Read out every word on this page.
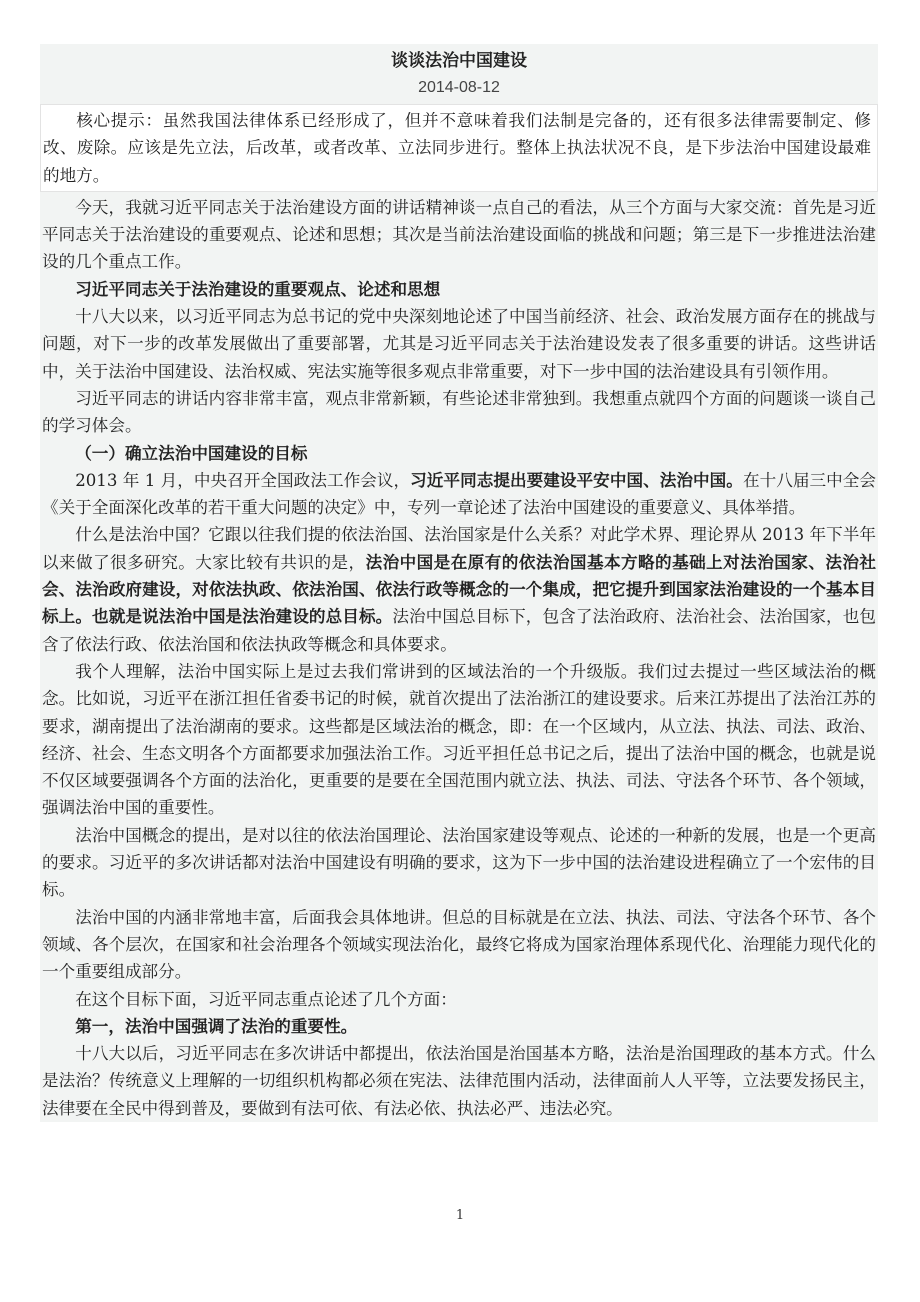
谈谈法治中国建设
2014-08-12

核心提示：虽然我国法律体系已经形成了，但并不意味着我们法制是完备的，还有很多法律需要制定、修改、废除。应该是先立法，后改革，或者改革、立法同步进行。整体上执法状况不良，是下步法治中国建设最难的地方。

今天，我就习近平同志关于法治建设方面的讲话精神谈一点自己的看法，从三个方面与大家交流：首先是习近平同志关于法治建设的重要观点、论述和思想；其次是当前法治建设面临的挑战和问题；第三是下一步推进法治建设的几个重点工作。

习近平同志关于法治建设的重要观点、论述和思想

十八大以来，以习近平同志为总书记的党中央深刻地论述了中国当前经济、社会、政治发展方面存在的挑战与问题，对下一步的改革发展做出了重要部署，尤其是习近平同志关于法治建设发表了很多重要的讲话。这些讲话中，关于法治中国建设、法治权威、宪法实施等很多观点非常重要，对下一步中国的法治建设具有引领作用。

习近平同志的讲话内容非常丰富，观点非常新颖，有些论述非常独到。我想重点就四个方面的问题谈一谈自己的学习体会。

（一）确立法治中国建设的目标

2013 年 1 月，中央召开全国政法工作会议，习近平同志提出要建设平安中国、法治中国。在十八届三中全会《关于全面深化改革的若干重大问题的决定》中，专列一章论述了法治中国建设的重要意义、具体举措。

什么是法治中国？它跟以往我们提的依法治国、法治国家是什么关系？对此学术界、理论界从 2013 年下半年以来做了很多研究。大家比较有共识的是，法治中国是在原有的依法治国基本方略的基础上对法治国家、法治社会、法治政府建设，对依法执政、依法治国、依法行政等概念的一个集成，把它提升到国家法治建设的一个基本目标上。也就是说法治中国是法治建设的总目标。法治中国总目标下，包含了法治政府、法治社会、法治国家，也包含了依法行政、依法治国和依法执政等概念和具体要求。

我个人理解，法治中国实际上是过去我们常讲到的区域法治的一个升级版。我们过去提过一些区域法治的概念。比如说，习近平在浙江担任省委书记的时候，就首次提出了法治浙江的建设要求。后来江苏提出了法治江苏的要求，湖南提出了法治湖南的要求。这些都是区域法治的概念，即：在一个区域内，从立法、执法、司法、政治、经济、社会、生态文明各个方面都要求加强法治工作。习近平担任总书记之后，提出了法治中国的概念，也就是说不仅区域要强调各个方面的法治化，更重要的是要在全国范围内就立法、执法、司法、守法各个环节、各个领域，强调法治中国的重要性。

法治中国概念的提出，是对以往的依法治国理论、法治国家建设等观点、论述的一种新的发展，也是一个更高的要求。习近平的多次讲话都对法治中国建设有明确的要求，这为下一步中国的法治建设进程确立了一个宏伟的目标。

法治中国的内涵非常地丰富，后面我会具体地讲。但总的目标就是在立法、执法、司法、守法各个环节、各个领域、各个层次，在国家和社会治理各个领域实现法治化，最终它将成为国家治理体系现代化、治理能力现代化的一个重要组成部分。

在这个目标下面，习近平同志重点论述了几个方面：

第一，法治中国强调了法治的重要性。

十八大以后，习近平同志在多次讲话中都提出，依法治国是治国基本方略，法治是治国理政的基本方式。什么是法治？传统意义上理解的一切组织机构都必须在宪法、法律范围内活动，法律面前人人平等，立法要发扬民主，法律要在全民中得到普及，要做到有法可依、有法必依、执法必严、违法必究。

1
